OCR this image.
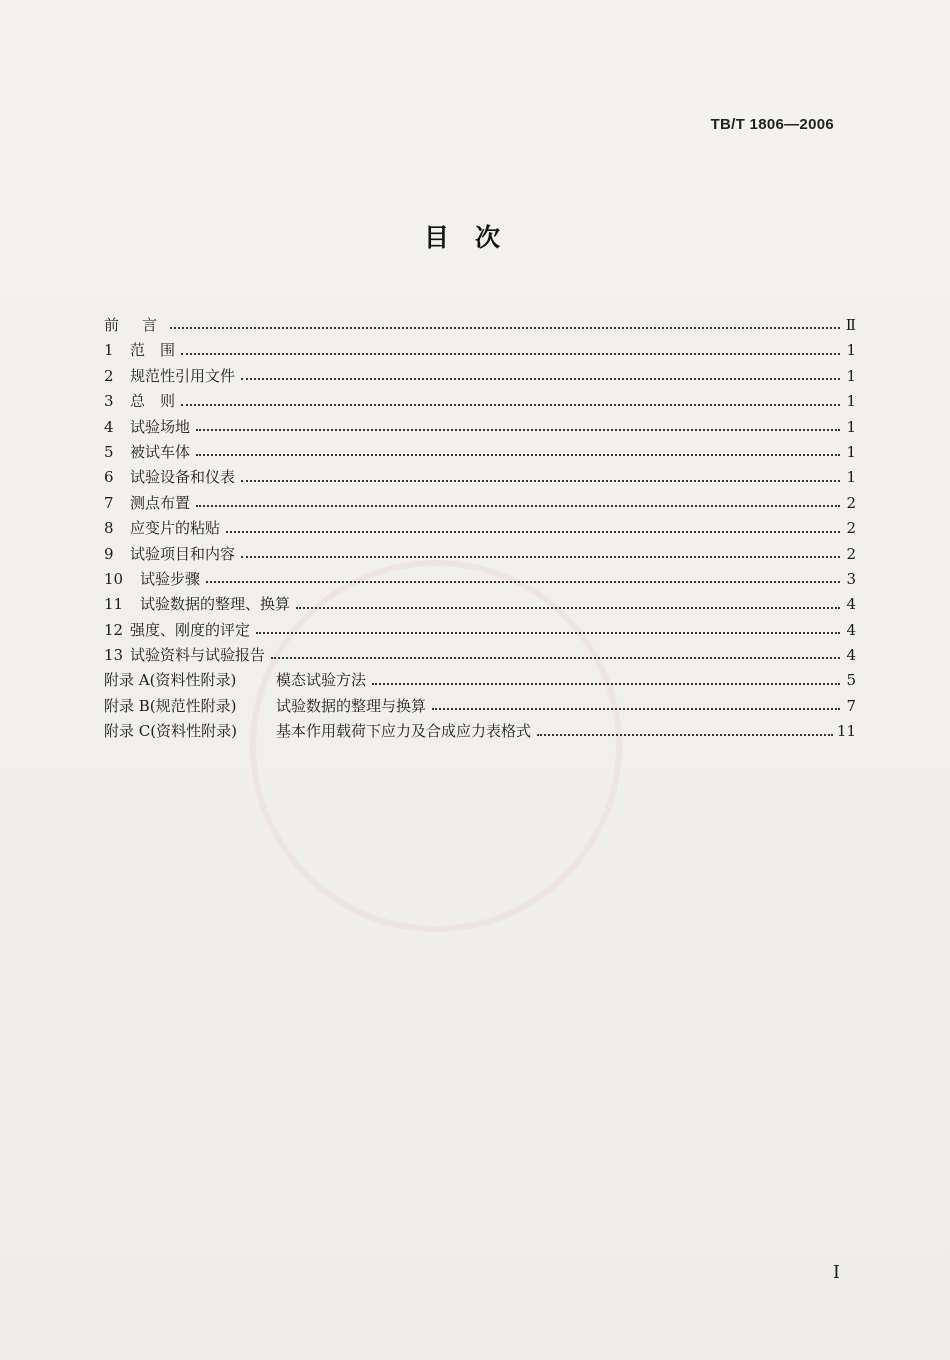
TB/T 1806—2006
目次
前　言	Ⅱ
1	范　围	1
2	规范性引用文件	1
3	总　则	1
4	试验场地	1
5	被试车体	1
6	试验设备和仪表	1
7	测点布置	2
8	应变片的粘贴	2
9	试验项目和内容	2
10	试验步骤	3
11	试验数据的整理、换算	4
12 强度、刚度的评定	4
13 试验资料与试验报告	4
附录 A(资料性附录)	模态试验方法	5
附录 B(规范性附录)	试验数据的整理与换算	7
附录 C(资料性附录)	基本作用载荷下应力及合成应力表格式	11
I
